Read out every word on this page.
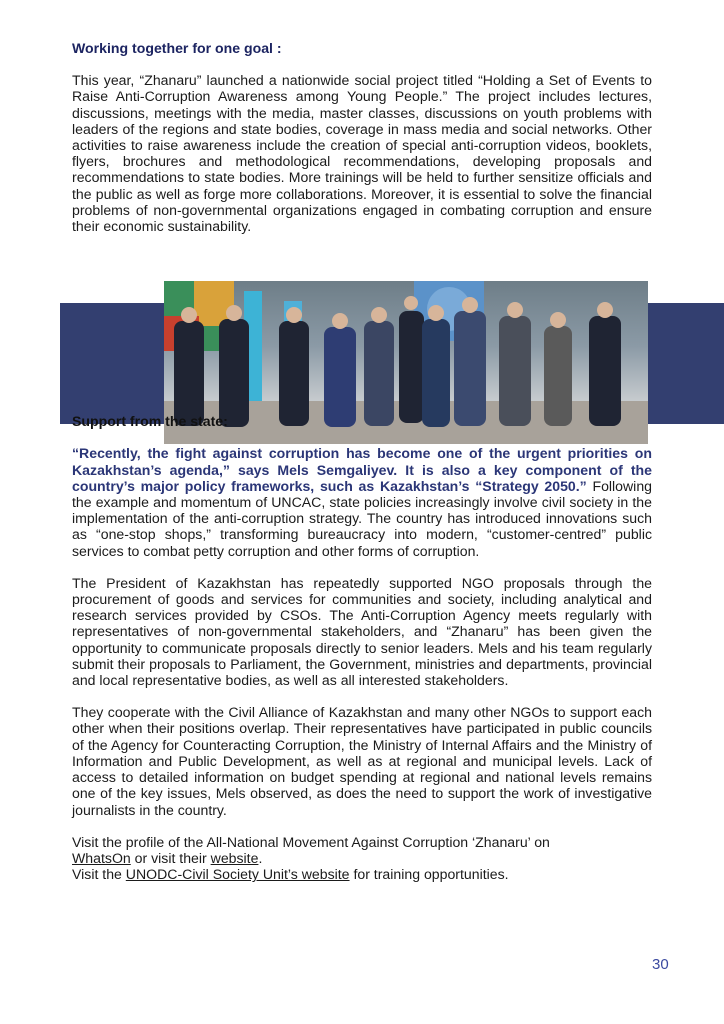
Working together for one goal :

This year, “Zhanaru” launched a nationwide social project titled “Holding a Set of Events to Raise Anti-Corruption Awareness among Young People.” The project includes lectures, discussions, meetings with the media, master classes, discussions on youth problems with leaders of the regions and state bodies, coverage in mass media and social networks. Other activities to raise awareness include the creation of special anti-corruption videos, booklets, flyers, brochures and methodological recommendations, developing proposals and recommendations to state bodies. More trainings will be held to further sensitize officials and the public as well as forge more collaborations. Moreover, it is essential to solve the financial problems of non-governmental organizations engaged in combating corruption and ensure their economic sustainability.

Support from the state:

“Recently, the fight against corruption has become one of the urgent priorities on Kazakhstan’s agenda,” says Mels Semgaliyev. It is also a key component of the country’s major policy frameworks, such as Kazakhstan’s “Strategy 2050.” Following the example and momentum of UNCAC, state policies increasingly involve civil society in the implementation of the anti-corruption strategy. The country has introduced innovations such as “one-stop shops,” transforming bureaucracy into modern, “customer-centred” public services to combat petty corruption and other forms of corruption.

The President of Kazakhstan has repeatedly supported NGO proposals through the procurement of goods and services for communities and society, including analytical and research services provided by CSOs. The Anti-Corruption Agency meets regularly with representatives of non-governmental stakeholders, and “Zhanaru” has been given the opportunity to communicate proposals directly to senior leaders. Mels and his team regularly submit their proposals to Parliament, the Government, ministries and departments, provincial and local representative bodies, as well as all interested stakeholders.

They cooperate with the Civil Alliance of Kazakhstan and many other NGOs to support each other when their positions overlap. Their representatives have participated in public councils of the Agency for Counteracting Corruption, the Ministry of Internal Affairs and the Ministry of Information and Public Development, as well as at regional and municipal levels. Lack of access to detailed information on budget spending at regional and national levels remains one of the key issues, Mels observed, as does the need to support the work of investigative journalists in the country.

Visit the profile of the All-National Movement Against Corruption ‘Zhanaru’ on
WhatsOn or visit their website.
Visit the UNODC-Civil Society Unit’s website for training opportunities.

30
